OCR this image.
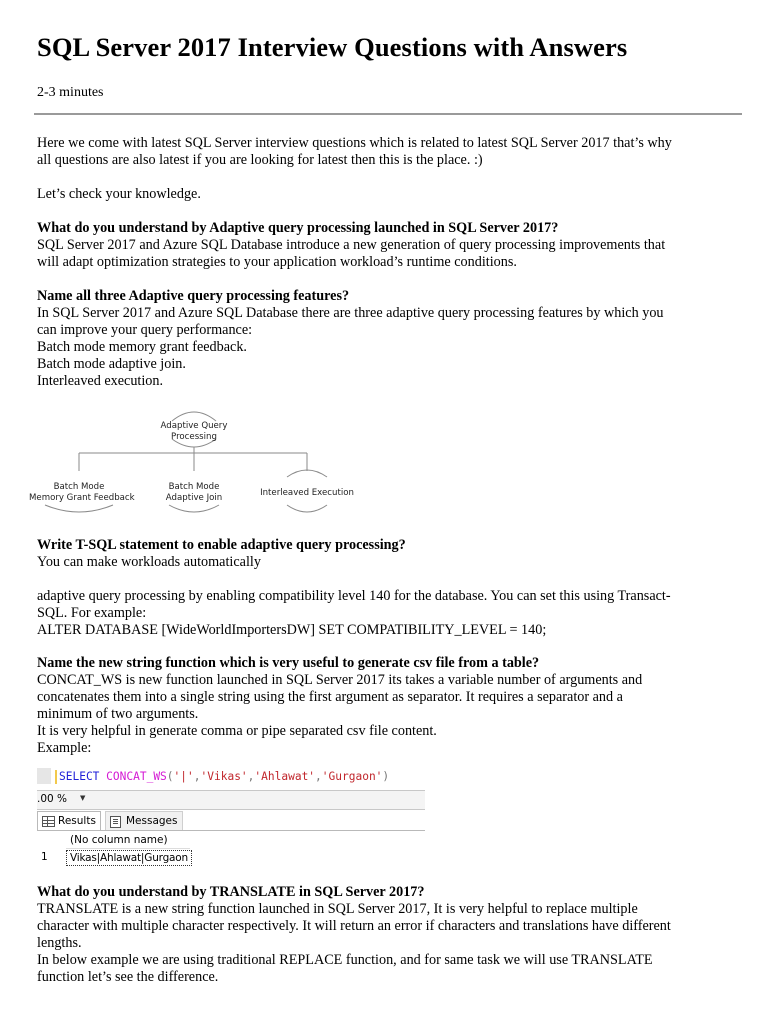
SQL Server 2017 Interview Questions with Answers
2-3 minutes
Here we come with latest SQL Server interview questions which is related to latest SQL Server 2017 that’s why
all questions are also latest if you are looking for latest then this is the place. :)
Let’s check your knowledge.
What do you understand by Adaptive query processing launched in SQL Server 2017?
SQL Server 2017 and Azure SQL Database introduce a new generation of query processing improvements that
will adapt optimization strategies to your application workload’s runtime conditions.
Name all three Adaptive query processing features?
In SQL Server 2017 and Azure SQL Database there are three adaptive query processing features by which you
can improve your query performance:
Batch mode memory grant feedback.
Batch mode adaptive join.
Interleaved execution.
Adaptive Query
Processing
Batch Mode
Memory Grant Feedback
Batch Mode
Adaptive Join	Interleaved Execution
Write T-SQL statement to enable adaptive query processing?
You can make workloads automatically
adaptive query processing by enabling compatibility level 140 for the database. You can set this using Transact-
SQL. For example:
ALTER DATABASE [WideWorldImportersDW] SET COMPATIBILITY_LEVEL = 140;
Name the new string function which is very useful to generate csv file from a table?
CONCAT_WS is new function launched in SQL Server 2017 its takes a variable number of arguments and
concatenates them into a single string using the first argument as separator. It requires a separator and a
minimum of two arguments.
It is very helpful in generate comma or pipe separated csv file content.
Example:
SELECT CONCAT_WS('|','Vikas','Ahlawat','Gurgaon')
.00 %	▼
Results	Messages
(No column name)
1	Vikas|Ahlawat|Gurgaon
What do you understand by TRANSLATE in SQL Server 2017?
TRANSLATE is a new string function launched in SQL Server 2017, It is very helpful to replace multiple
character with multiple character respectively. It will return an error if characters and translations have different
lengths.
In below example we are using traditional REPLACE function, and for same task we will use TRANSLATE
function let’s see the difference.
